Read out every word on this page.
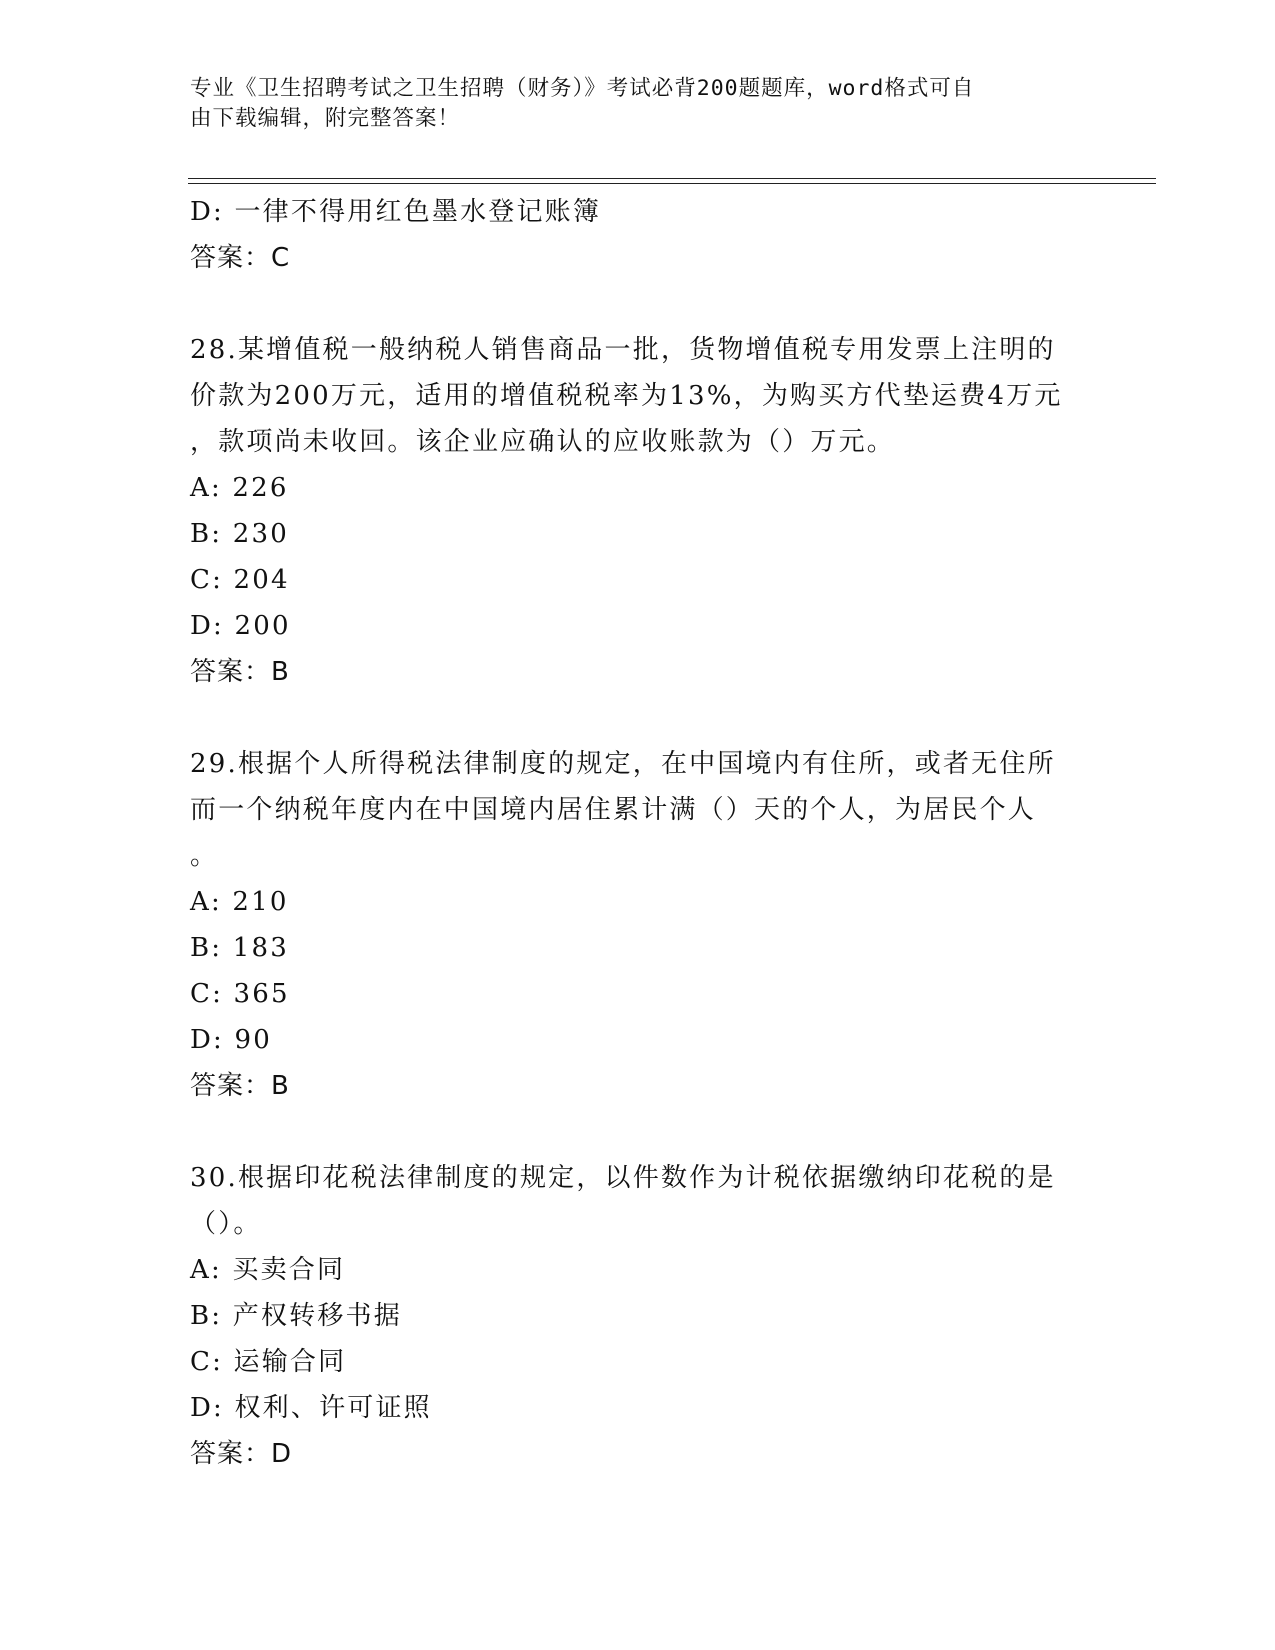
专业《卫生招聘考试之卫生招聘（财务）》考试必背200题题库，word格式可自
由下载编辑，附完整答案！
D: 一律不得用红色墨水登记账簿
答案：C
28.某增值税一般纳税人销售商品一批，货物增值税专用发票上注明的
价款为200万元，适用的增值税税率为13%，为购买方代垫运费4万元
，款项尚未收回。该企业应确认的应收账款为（）万元。
A: 226
B: 230
C: 204
D: 200
答案：B
29.根据个人所得税法律制度的规定，在中国境内有住所，或者无住所
而一个纳税年度内在中国境内居住累计满（）天的个人，为居民个人
。
A: 210
B: 183
C: 365
D: 90
答案：B
30.根据印花税法律制度的规定，以件数作为计税依据缴纳印花税的是
（）。
A: 买卖合同
B: 产权转移书据
C: 运输合同
D: 权利、许可证照
答案：D
